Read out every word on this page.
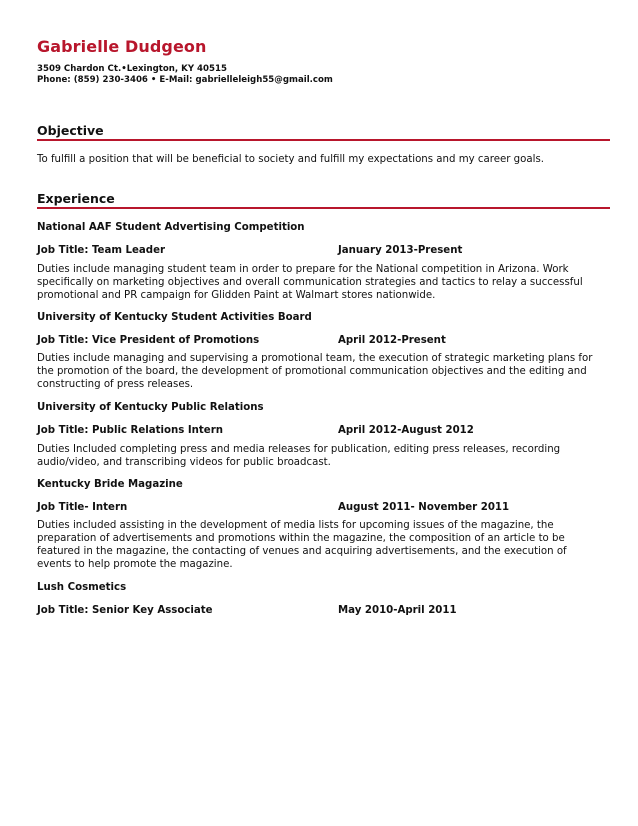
Gabrielle Dudgeon
3509 Chardon Ct.•Lexington, KY 40515
Phone: (859) 230-3406 • E-Mail: gabrielleleigh55@gmail.com
Objective
To fulfill a position that will be beneficial to society and fulfill my expectations and my career goals.
Experience
National AAF Student Advertising Competition
Job Title: Team Leader	January 2013-Present
Duties include managing student team in order to prepare for the National competition in Arizona. Work specifically on marketing objectives and overall communication strategies and tactics to relay a successful promotional and PR campaign for Glidden Paint at Walmart stores nationwide.
University of Kentucky Student Activities Board
Job Title: Vice President of Promotions	April 2012-Present
Duties include managing and supervising a promotional team, the execution of strategic marketing plans for the promotion of the board, the development of promotional communication objectives and the editing and constructing of press releases.
University of Kentucky Public Relations
Job Title: Public Relations Intern	April 2012-August 2012
Duties Included completing press and media releases for publication, editing press releases, recording audio/video, and transcribing videos for public broadcast.
Kentucky Bride Magazine
Job Title- Intern	August 2011- November 2011
Duties included assisting in the development of media lists for upcoming issues of the magazine, the preparation of advertisements and promotions within the magazine, the composition of an article to be featured in the magazine, the contacting of venues and acquiring advertisements, and the execution of events to help promote the magazine.
Lush Cosmetics
Job Title: Senior Key Associate	May 2010-April 2011
